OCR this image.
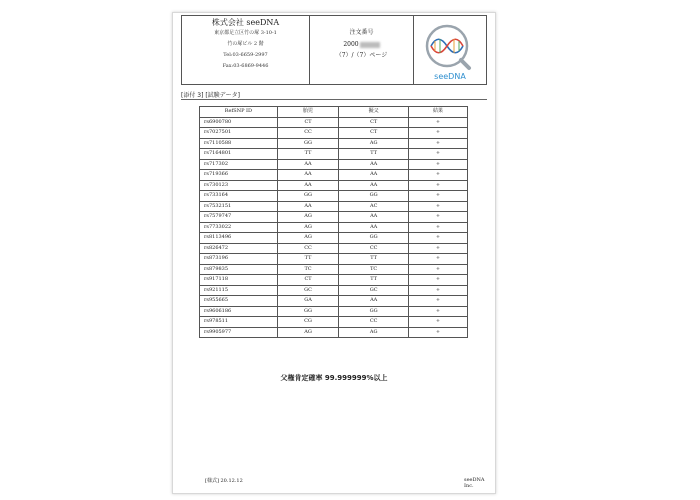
株式会社 seeDNA
東京都足立区竹の塚 3-10-1
竹の塚ビル 2 階
Tel:03-6659-2997
Fax:03-6869-9446
注文番号
2000
（7）/（7）ページ
seeDNA
[添付 3] [試験データ]
RefSNP ID	胎児	擬父	結果
rs6900780	CT	CT	+
rs7027501	CC	CT	+
rs7110588	GG	AG	+
rs7164801	TT	TT	+
rs717302	AA	AA	+
rs719366	AA	AA	+
rs730123	AA	AA	+
rs733164	GG	GG	+
rs7532151	AA	AC	+
rs7579747	AG	AA	+
rs7733022	AG	AA	+
rs8113496	AG	GG	+
rs826472	CC	CC	+
rs873196	TT	TT	+
rs879835	TC	TC	+
rs917118	CT	TT	+
rs921115	GC	GC	+
rs955665	GA	AA	+
rs9606186	GG	GG	+
rs978511	CG	CC	+
rs9905977	AG	AG	+
父権肯定確率 99.999999%以上
[様式] 20.12.12	seeDNA Inc.
